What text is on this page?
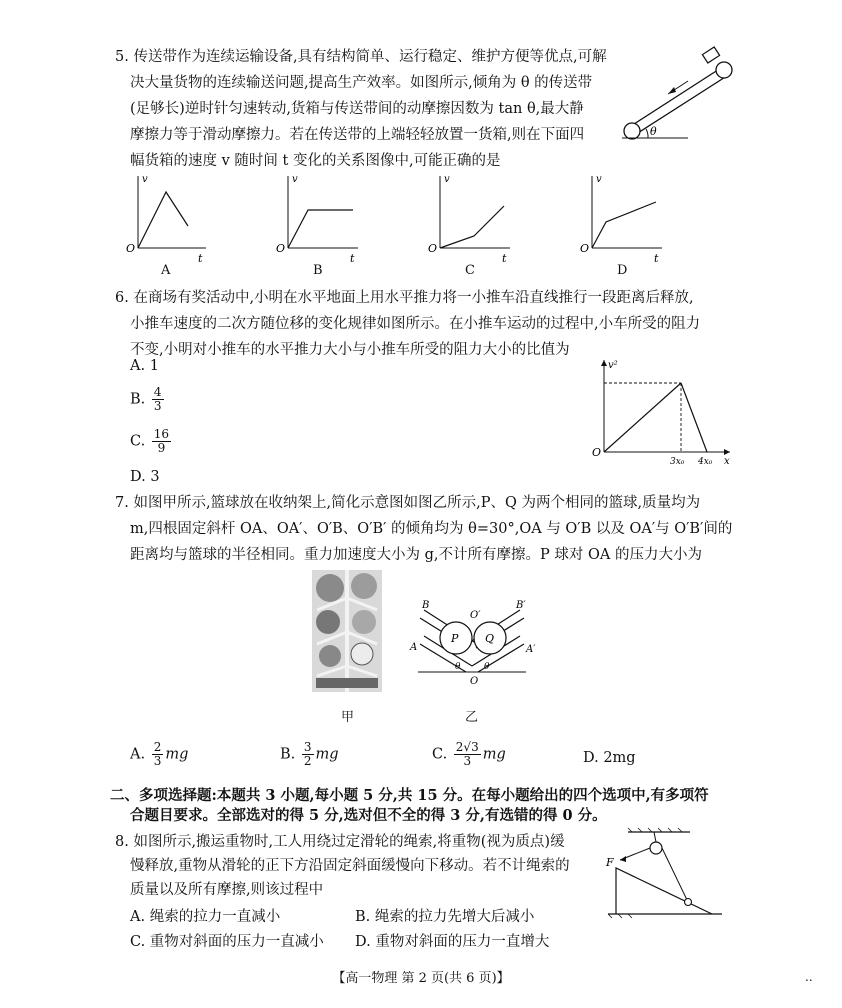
5. 传送带作为连续运输设备,具有结构简单、运行稳定、维护方便等优点,可解
决大量货物的连续输送问题,提高生产效率。如图所示,倾角为 θ 的传送带
(足够长)逆时针匀速转动,货箱与传送带间的动摩擦因数为 tan θ,最大静
摩擦力等于滑动摩擦力。若在传送带的上端轻轻放置一货箱,则在下面四
幅货箱的速度 v 随时间 t 变化的关系图像中,可能正确的是
θ
v
O
t
A
v
O
t
B
v
O
t
C
v
O
t
D
6. 在商场有奖活动中,小明在水平地面上用水平推力将一小推车沿直线推行一段距离后释放,
小推车速度的二次方随位移的变化规律如图所示。在小推车运动的过程中,小车所受的阻力
不变,小明对小推车的水平推力大小与小推车所受的阻力大小的比值为
A. 1
B. $\frac{4}{3}$
C. $\frac{16}{9}$
D. 3
v²
O
3x₀ 4x₀ x
7. 如图甲所示,篮球放在收纳架上,简化示意图如图乙所示,P、Q 为两个相同的篮球,质量均为
m,四根固定斜杆 OA、OA′、O′B、O′B′ 的倾角均为 θ=30°,OA 与 O′B 以及 OA′与 O′B′间的
距离均与篮球的半径相同。重力加速度大小为 g,不计所有摩擦。P 球对 OA 的压力大小为
甲
P Q
B	B′
O′
A	A′
O
θ	θ
乙
A. $\frac{2}{3}$ mg	B. $\frac{3}{2}$ mg	C. $\frac{2√3}{3}$ mg	D. 2mg
二、多项选择题:本题共 3 小题,每小题 5 分,共 15 分。在每小题给出的四个选项中,有多项符
合题目要求。全部选对的得 5 分,选对但不全的得 3 分,有选错的得 0 分。
8. 如图所示,搬运重物时,工人用绕过定滑轮的绳索,将重物(视为质点)缓
慢释放,重物从滑轮的正下方沿固定斜面缓慢向下移动。若不计绳索的
质量以及所有摩擦,则该过程中
A. 绳索的拉力一直减小	B. 绳索的拉力先增大后减小
C. 重物对斜面的压力一直减小 D. 重物对斜面的压力一直增大
F
【高一物理 第 2 页(共 6 页)】	..
